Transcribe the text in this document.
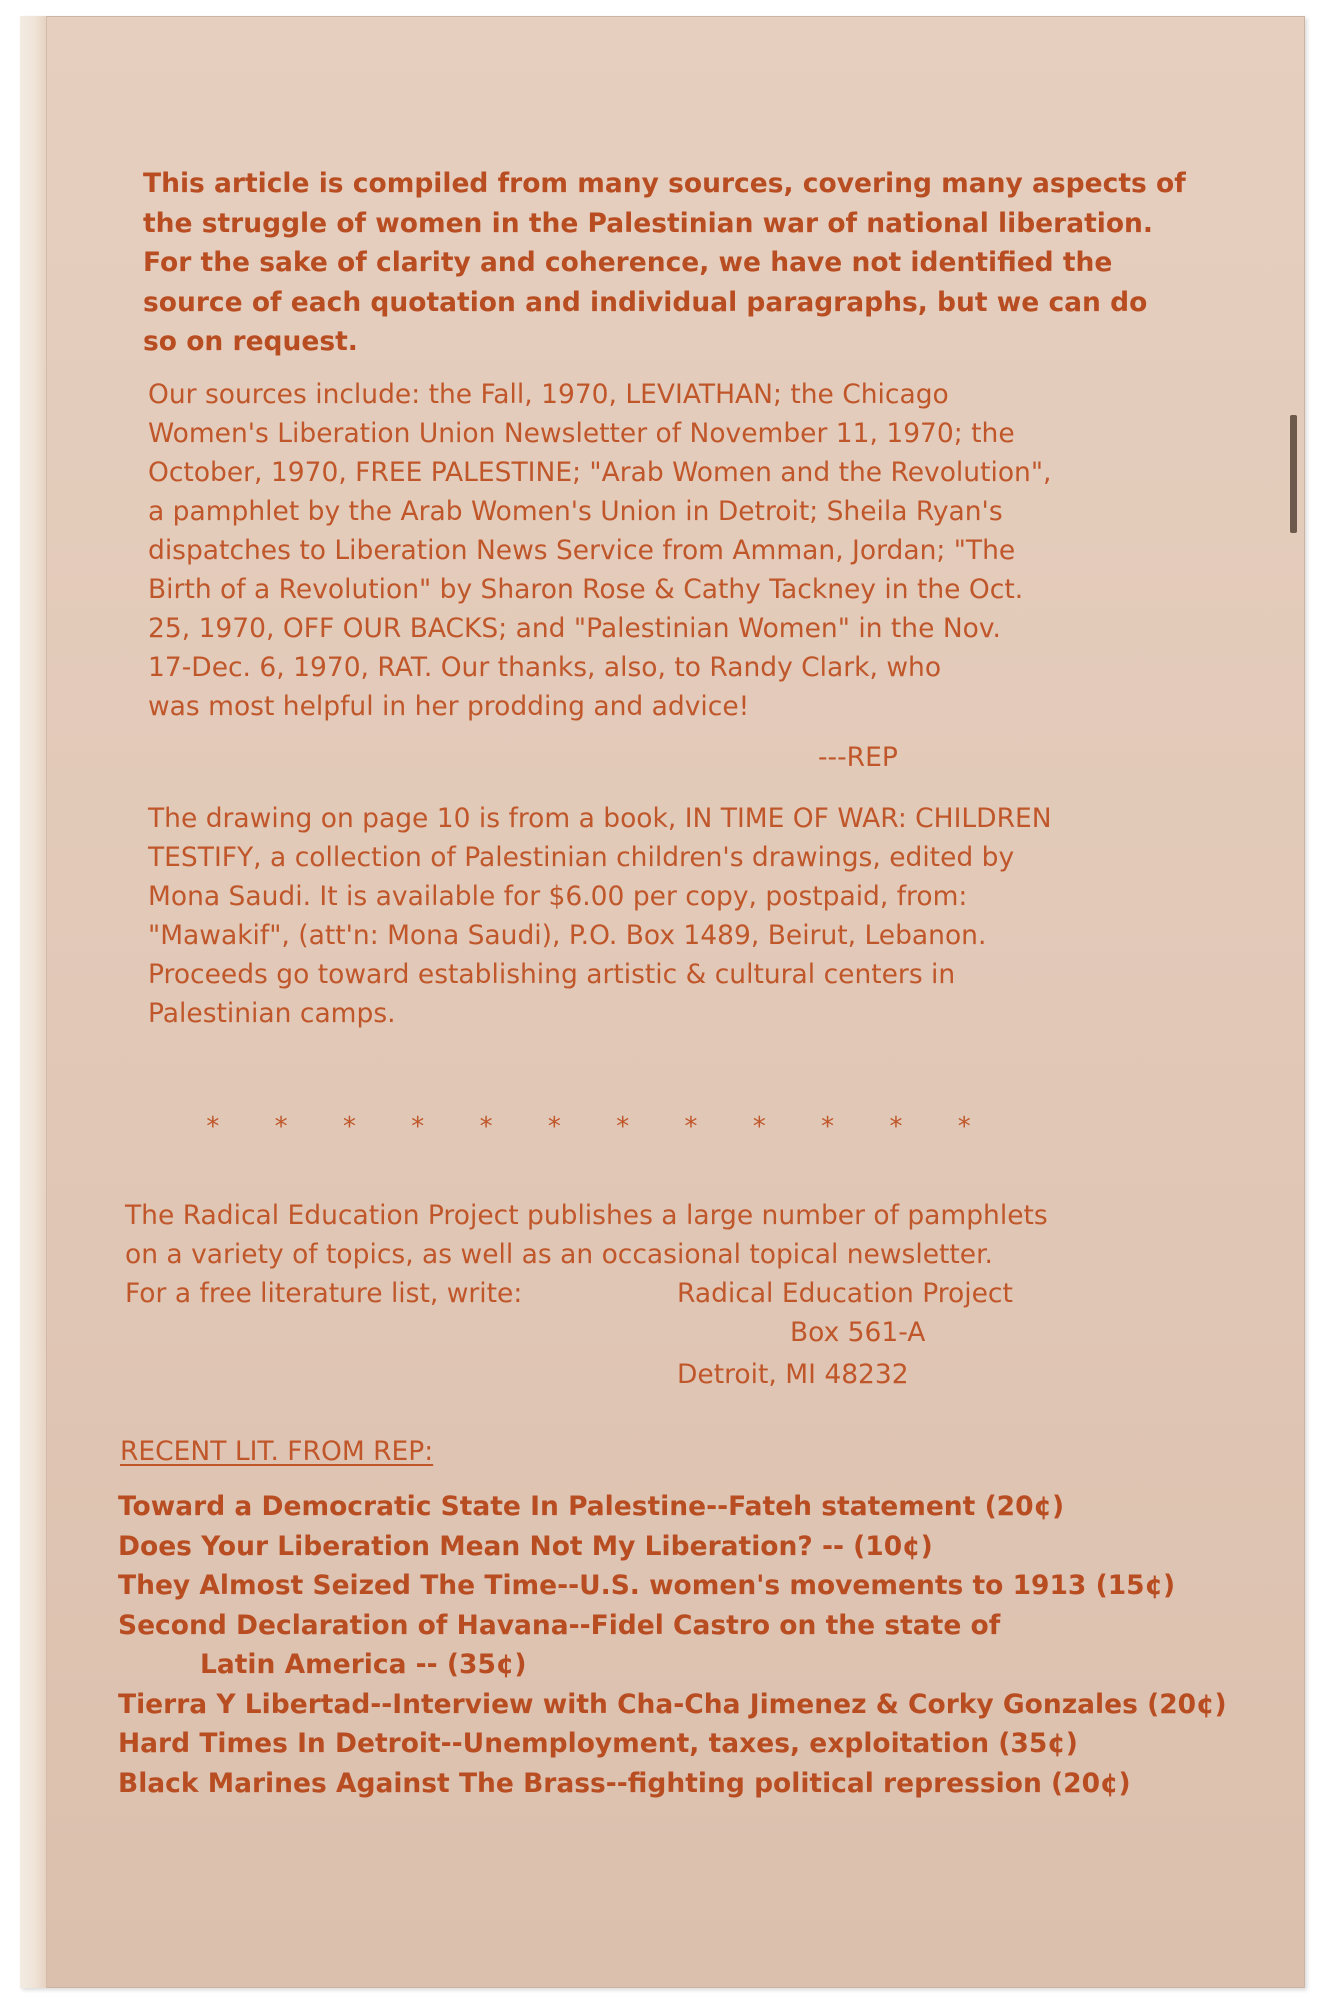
This article is compiled from many sources, covering many aspects of
the struggle of women in the Palestinian war of national liberation.
For the sake of clarity and coherence, we have not identified the
source of each quotation and individual paragraphs, but we can do
so on request.
Our sources include: the Fall, 1970, LEVIATHAN; the Chicago
Women's Liberation Union Newsletter of November 11, 1970; the
October, 1970, FREE PALESTINE; "Arab Women and the Revolution",
a pamphlet by the Arab Women's Union in Detroit; Sheila Ryan's
dispatches to Liberation News Service from Amman, Jordan; "The
Birth of a Revolution" by Sharon Rose & Cathy Tackney in the Oct.
25, 1970, OFF OUR BACKS; and "Palestinian Women" in the Nov.
17-Dec. 6, 1970, RAT. Our thanks, also, to Randy Clark, who
was most helpful in her prodding and advice!
---REP
The drawing on page 10 is from a book, IN TIME OF WAR: CHILDREN
TESTIFY, a collection of Palestinian children's drawings, edited by
Mona Saudi. It is available for $6.00 per copy, postpaid, from:
"Mawakif", (att'n: Mona Saudi), P.O. Box 1489, Beirut, Lebanon.
Proceeds go toward establishing artistic & cultural centers in
Palestinian camps.
* * * * * * * * * * * *
The Radical Education Project publishes a large number of pamphlets
on a variety of topics, as well as an occasional topical newsletter.
For a free literature list, write:	Radical Education Project
Box 561-A
Detroit, MI 48232
RECENT LIT. FROM REP:
Toward a Democratic State In Palestine--Fateh statement (20¢)
Does Your Liberation Mean Not My Liberation? -- (10¢)
They Almost Seized The Time--U.S. women's movements to 1913 (15¢)
Second Declaration of Havana--Fidel Castro on the state of
Latin America -- (35¢)
Tierra Y Libertad--Interview with Cha-Cha Jimenez & Corky Gonzales (20¢)
Hard Times In Detroit--Unemployment, taxes, exploitation (35¢)
Black Marines Against The Brass--fighting political repression (20¢)
